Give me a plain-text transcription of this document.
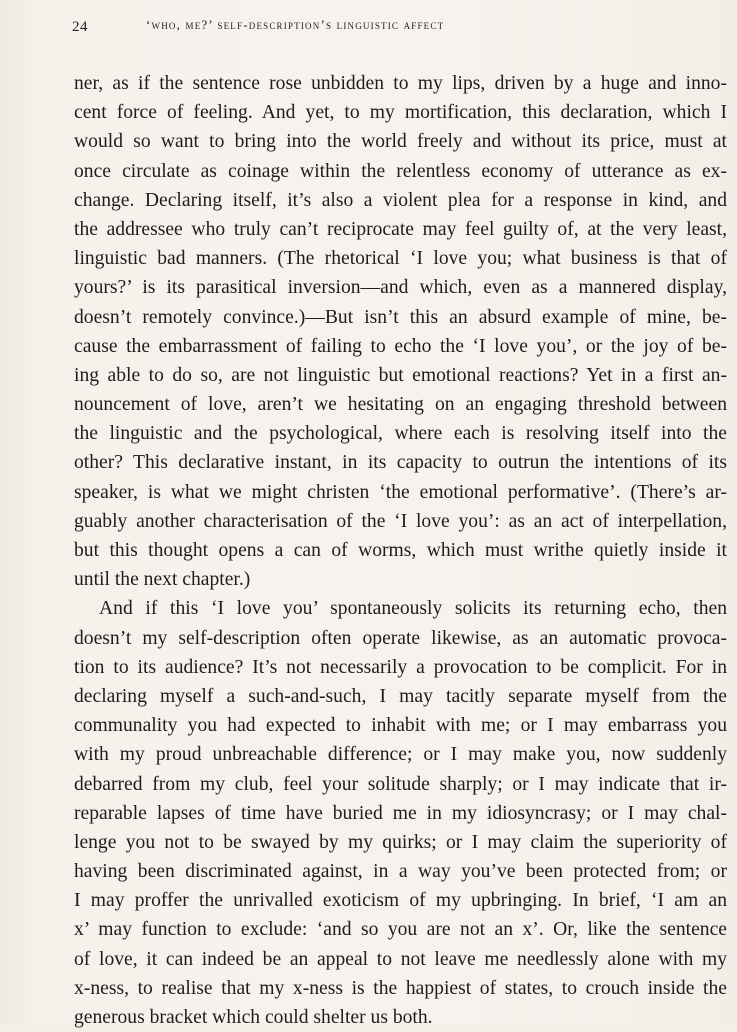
24	‘who, me?’ self-description’s linguistic affect
ner, as if the sentence rose unbidden to my lips, driven by a huge and inno-
cent force of feeling. And yet, to my mortification, this declaration, which I
would so want to bring into the world freely and without its price, must at
once circulate as coinage within the relentless economy of utterance as ex-
change. Declaring itself, it’s also a violent plea for a response in kind, and
the addressee who truly can’t reciprocate may feel guilty of, at the very least,
linguistic bad manners. (The rhetorical ‘I love you; what business is that of
yours?’ is its parasitical inversion—and which, even as a mannered display,
doesn’t remotely convince.)—But isn’t this an absurd example of mine, be-
cause the embarrassment of failing to echo the ‘I love you’, or the joy of be-
ing able to do so, are not linguistic but emotional reactions? Yet in a first an-
nouncement of love, aren’t we hesitating on an engaging threshold between
the linguistic and the psychological, where each is resolving itself into the
other? This declarative instant, in its capacity to outrun the intentions of its
speaker, is what we might christen ‘the emotional performative’. (There’s ar-
guably another characterisation of the ‘I love you’: as an act of interpellation,
but this thought opens a can of worms, which must writhe quietly inside it
until the next chapter.)
And if this ‘I love you’ spontaneously solicits its returning echo, then
doesn’t my self-description often operate likewise, as an automatic provoca-
tion to its audience? It’s not necessarily a provocation to be complicit. For in
declaring myself a such-and-such, I may tacitly separate myself from the
communality you had expected to inhabit with me; or I may embarrass you
with my proud unbreachable difference; or I may make you, now suddenly
debarred from my club, feel your solitude sharply; or I may indicate that ir-
reparable lapses of time have buried me in my idiosyncrasy; or I may chal-
lenge you not to be swayed by my quirks; or I may claim the superiority of
having been discriminated against, in a way you’ve been protected from; or
I may proffer the unrivalled exoticism of my upbringing. In brief, ‘I am an
x’ may function to exclude: ‘and so you are not an x’. Or, like the sentence
of love, it can indeed be an appeal to not leave me needlessly alone with my
x-ness, to realise that my x-ness is the happiest of states, to crouch inside the
generous bracket which could shelter us both.
